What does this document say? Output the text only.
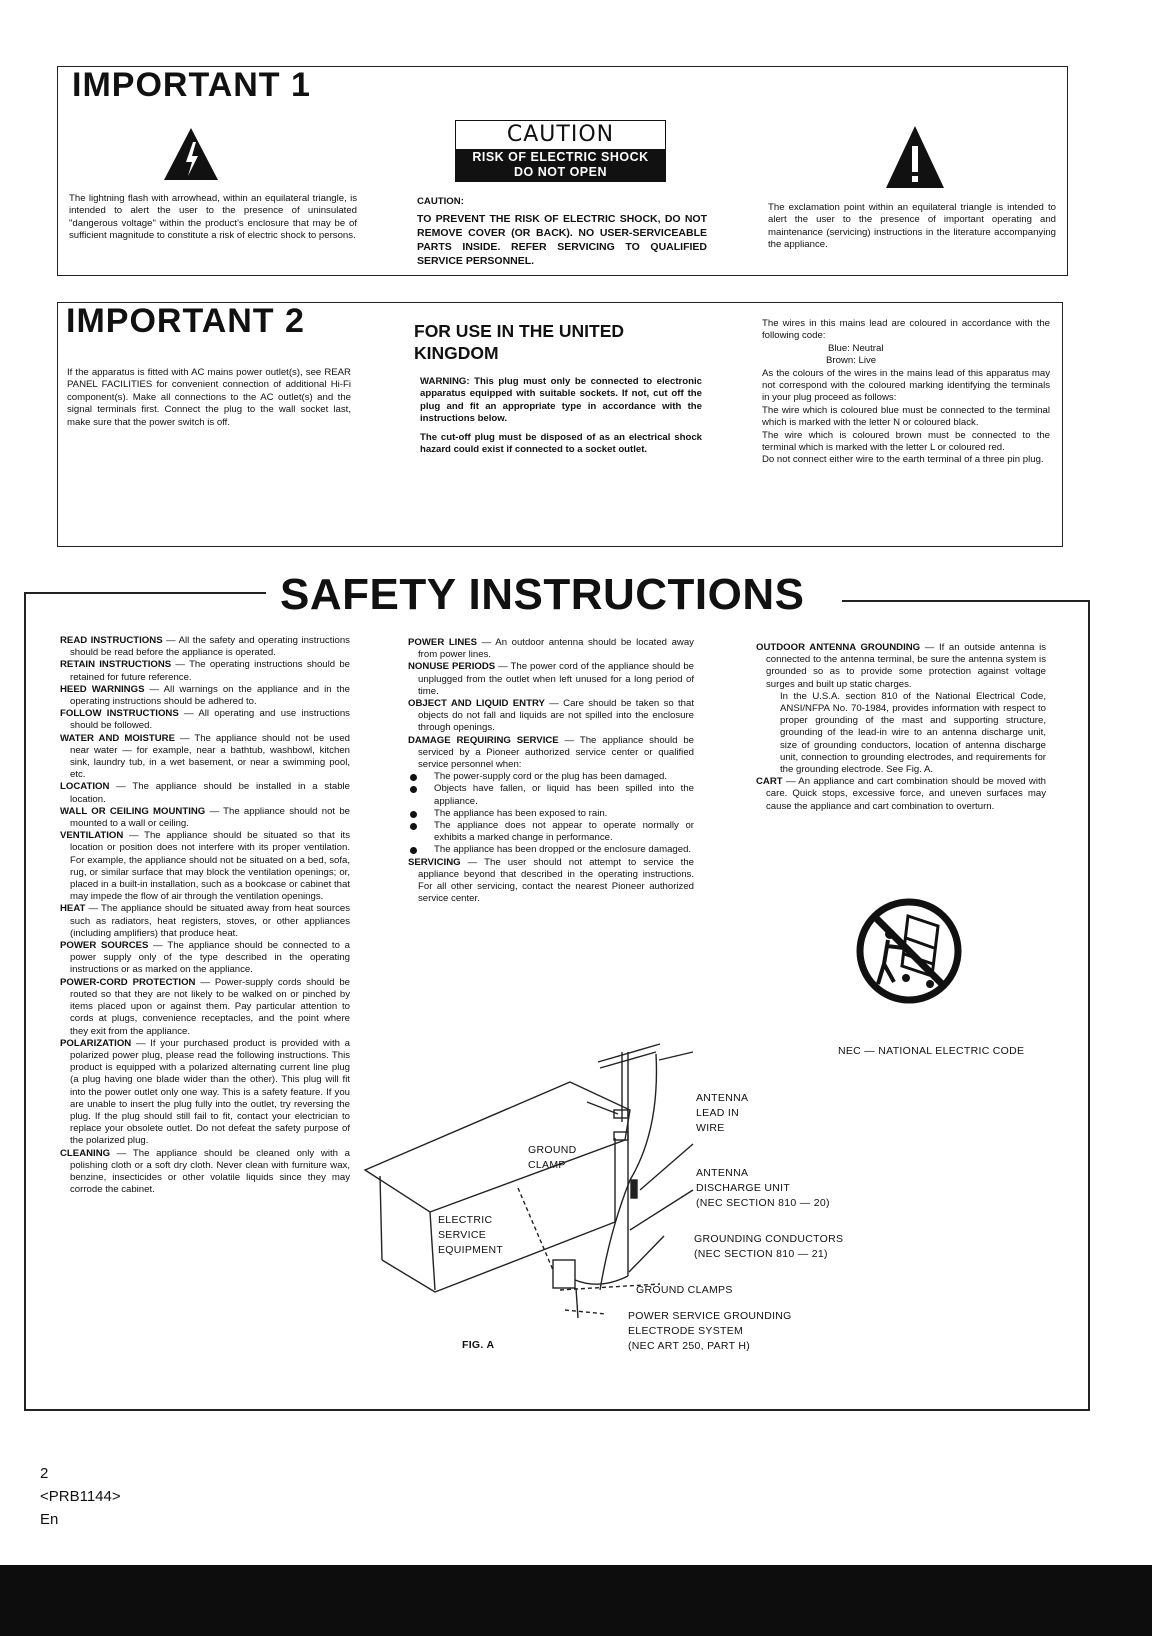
IMPORTANT 1
The lightning flash with arrowhead, within an equilateral triangle, is intended to alert the user to the presence of uninsulated "dangerous voltage" within the product's enclosure that may be of sufficient magnitude to constitute a risk of electric shock to persons.
CAUTION
RISK OF ELECTRIC SHOCK
DO NOT OPEN
CAUTION:
TO PREVENT THE RISK OF ELECTRIC SHOCK, DO NOT REMOVE COVER (OR BACK). NO USER-SERVICEABLE PARTS INSIDE. REFER SERVICING TO QUALIFIED SERVICE PERSONNEL.
The exclamation point within an equilateral triangle is intended to alert the user to the presence of important operating and maintenance (servicing) instructions in the literature accompanying the appliance.
IMPORTANT 2
If the apparatus is fitted with AC mains power outlet(s), see REAR PANEL FACILITIES for convenient connection of additional Hi-Fi component(s). Make all connections to the AC outlet(s) and the signal terminals first. Connect the plug to the wall socket last, make sure that the power switch is off.
FOR USE IN THE UNITED KINGDOM
WARNING: This plug must only be connected to electronic apparatus equipped with suitable sockets. If not, cut off the plug and fit an appropriate type in accordance with the instructions below.
The cut-off plug must be disposed of as an electrical shock hazard could exist if connected to a socket outlet.
The wires in this mains lead are coloured in accordance with the following code:
Blue: Neutral
Brown: Live
As the colours of the wires in the mains lead of this apparatus may not correspond with the coloured marking identifying the terminals in your plug proceed as follows:
The wire which is coloured blue must be connected to the terminal which is marked with the letter N or coloured black.
The wire which is coloured brown must be connected to the terminal which is marked with the letter L or coloured red.
Do not connect either wire to the earth terminal of a three pin plug.
SAFETY INSTRUCTIONS

READ INSTRUCTIONS — All the safety and operating instructions should be read before the appliance is operated.

RETAIN INSTRUCTIONS — The operating instructions should be retained for future reference.

HEED WARNINGS — All warnings on the appliance and in the operating instructions should be adhered to.

FOLLOW INSTRUCTIONS — All operating and use instructions should be followed.

WATER AND MOISTURE — The appliance should not be used near water — for example, near a bathtub, washbowl, kitchen sink, laundry tub, in a wet basement, or near a swimming pool, etc.

LOCATION — The appliance should be installed in a stable location.

WALL OR CEILING MOUNTING — The appliance should not be mounted to a wall or ceiling.

VENTILATION — The appliance should be situated so that its location or position does not interfere with its proper ventilation. For example, the appliance should not be situated on a bed, sofa, rug, or similar surface that may block the ventilation openings; or, placed in a built-in installation, such as a bookcase or cabinet that may impede the flow of air through the ventilation openings.

HEAT — The appliance should be situated away from heat sources such as radiators, heat registers, stoves, or other appliances (including amplifiers) that produce heat.

POWER SOURCES — The appliance should be connected to a power supply only of the type described in the operating instructions or as marked on the appliance.

POWER-CORD PROTECTION — Power-supply cords should be routed so that they are not likely to be walked on or pinched by items placed upon or against them. Pay particular attention to cords at plugs, convenience receptacles, and the point where they exit from the appliance.

POLARIZATION — If your purchased product is provided with a polarized power plug, please read the following instructions. This product is equipped with a polarized alternating current line plug (a plug having one blade wider than the other). This plug will fit into the power outlet only one way. This is a safety feature. If you are unable to insert the plug fully into the outlet, try reversing the plug. If the plug should still fail to fit, contact your electrician to replace your obsolete outlet. Do not defeat the safety purpose of the polarized plug.

CLEANING — The appliance should be cleaned only with a polishing cloth or a soft dry cloth. Never clean with furniture wax, benzine, insecticides or other volatile liquids since they may corrode the cabinet.

POWER LINES — An outdoor antenna should be located away from power lines.

NONUSE PERIODS — The power cord of the appliance should be unplugged from the outlet when left unused for a long period of time.

OBJECT AND LIQUID ENTRY — Care should be taken so that objects do not fall and liquids are not spilled into the enclosure through openings.

DAMAGE REQUIRING SERVICE — The appliance should be serviced by a Pioneer authorized service center or qualified service personnel when:

The power-supply cord or the plug has been damaged.
Objects have fallen, or liquid has been spilled into the appliance.
The appliance has been exposed to rain.
The appliance does not appear to operate normally or exhibits a marked change in performance.
The appliance has been dropped or the enclosure damaged.

SERVICING — The user should not attempt to service the appliance beyond that described in the operating instructions. For all other servicing, contact the nearest Pioneer authorized service center.

OUTDOOR ANTENNA GROUNDING — If an outside antenna is connected to the antenna terminal, be sure the antenna system is grounded so as to provide some protection against voltage surges and built up static charges.

In the U.S.A. section 810 of the National Electrical Code, ANSI/NFPA No. 70-1984, provides information with respect to proper grounding of the mast and supporting structure, grounding of the lead-in wire to an antenna discharge unit, size of grounding conductors, location of antenna discharge unit, connection to grounding electrodes, and requirements for the grounding electrode. See Fig. A.

CART — An appliance and cart combination should be moved with care. Quick stops, excessive force, and uneven surfaces may cause the appliance and cart combination to overturn.

NEC — NATIONAL ELECTRIC CODE
ANTENNA
LEAD IN
WIRE
GROUND
CLAMP
ANTENNA
DISCHARGE UNIT
(NEC SECTION 810 — 20)
ELECTRIC
SERVICE
EQUIPMENT
GROUNDING CONDUCTORS
(NEC SECTION 810 — 21)
GROUND CLAMPS
POWER SERVICE GROUNDING
ELECTRODE SYSTEM
(NEC ART 250, PART H)
FIG. A
2
<PRB1144>
En
